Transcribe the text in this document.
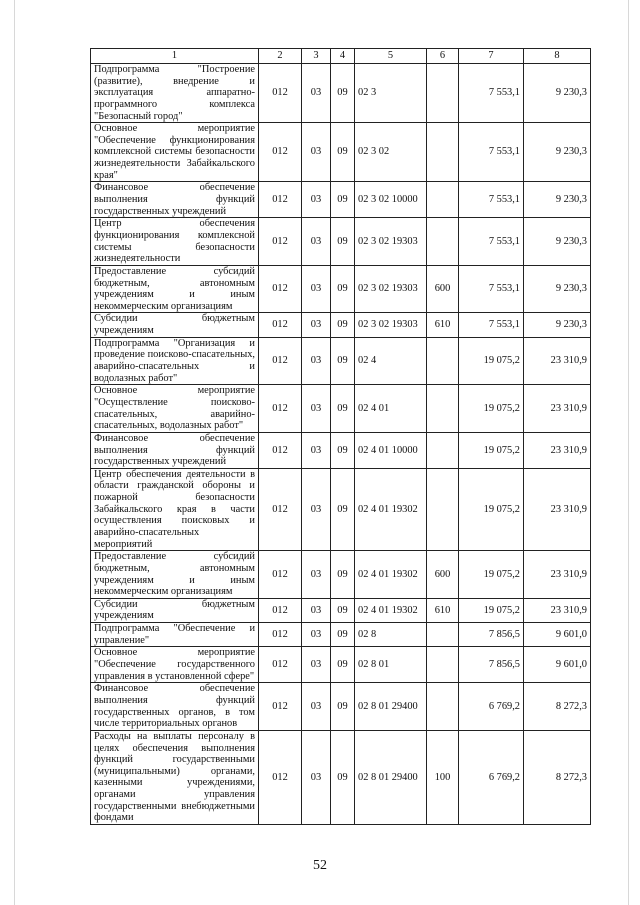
1	2	3	4	5	6	7	8
Подпрограмма "Построение (развитие), внедрение и эксплуатация аппаратно-программного комплекса "Безопасный город"	012	03	09	02 3		7 553,1	9 230,3
Основное мероприятие "Обеспечение функционирования комплексной системы безопасности жизнедеятельности Забайкальского края"	012	03	09	02 3 02		7 553,1	9 230,3
Финансовое обеспечение выполнения функций государственных учреждений	012	03	09	02 3 02 10000		7 553,1	9 230,3
Центр обеспечения функционирования комплексной системы безопасности жизнедеятельности	012	03	09	02 3 02 19303		7 553,1	9 230,3
Предоставление субсидий бюджетным, автономным учреждениям и иным некоммерческим организациям	012	03	09	02 3 02 19303	600	7 553,1	9 230,3
Субсидии бюджетным учреждениям	012	03	09	02 3 02 19303	610	7 553,1	9 230,3
Подпрограмма "Организация и проведение поисково-спасательных, аварийно-спасательных и водолазных работ"	012	03	09	02 4		19 075,2	23 310,9
Основное мероприятие "Осуществление поисково-спасательных, аварийно-спасательных, водолазных работ"	012	03	09	02 4 01		19 075,2	23 310,9
Финансовое обеспечение выполнения функций государственных учреждений	012	03	09	02 4 01 10000		19 075,2	23 310,9
Центр обеспечения деятельности в области гражданской обороны и пожарной безопасности Забайкальского края в части осуществления поисковых и аварийно-спасательных мероприятий	012	03	09	02 4 01 19302		19 075,2	23 310,9
Предоставление субсидий бюджетным, автономным учреждениям и иным некоммерческим организациям	012	03	09	02 4 01 19302	600	19 075,2	23 310,9
Субсидии бюджетным учреждениям	012	03	09	02 4 01 19302	610	19 075,2	23 310,9
Подпрограмма "Обеспечение и управление"	012	03	09	02 8		7 856,5	9 601,0
Основное мероприятие "Обеспечение государственного управления в установленной сфере"	012	03	09	02 8 01		7 856,5	9 601,0
Финансовое обеспечение выполнения функций государственных органов, в том числе территориальных органов	012	03	09	02 8 01 29400		6 769,2	8 272,3
Расходы на выплаты персоналу в целях обеспечения выполнения функций государственными (муниципальными) органами, казенными учреждениями, органами управления государственными внебюджетными фондами	012	03	09	02 8 01 29400	100	6 769,2	8 272,3
52
